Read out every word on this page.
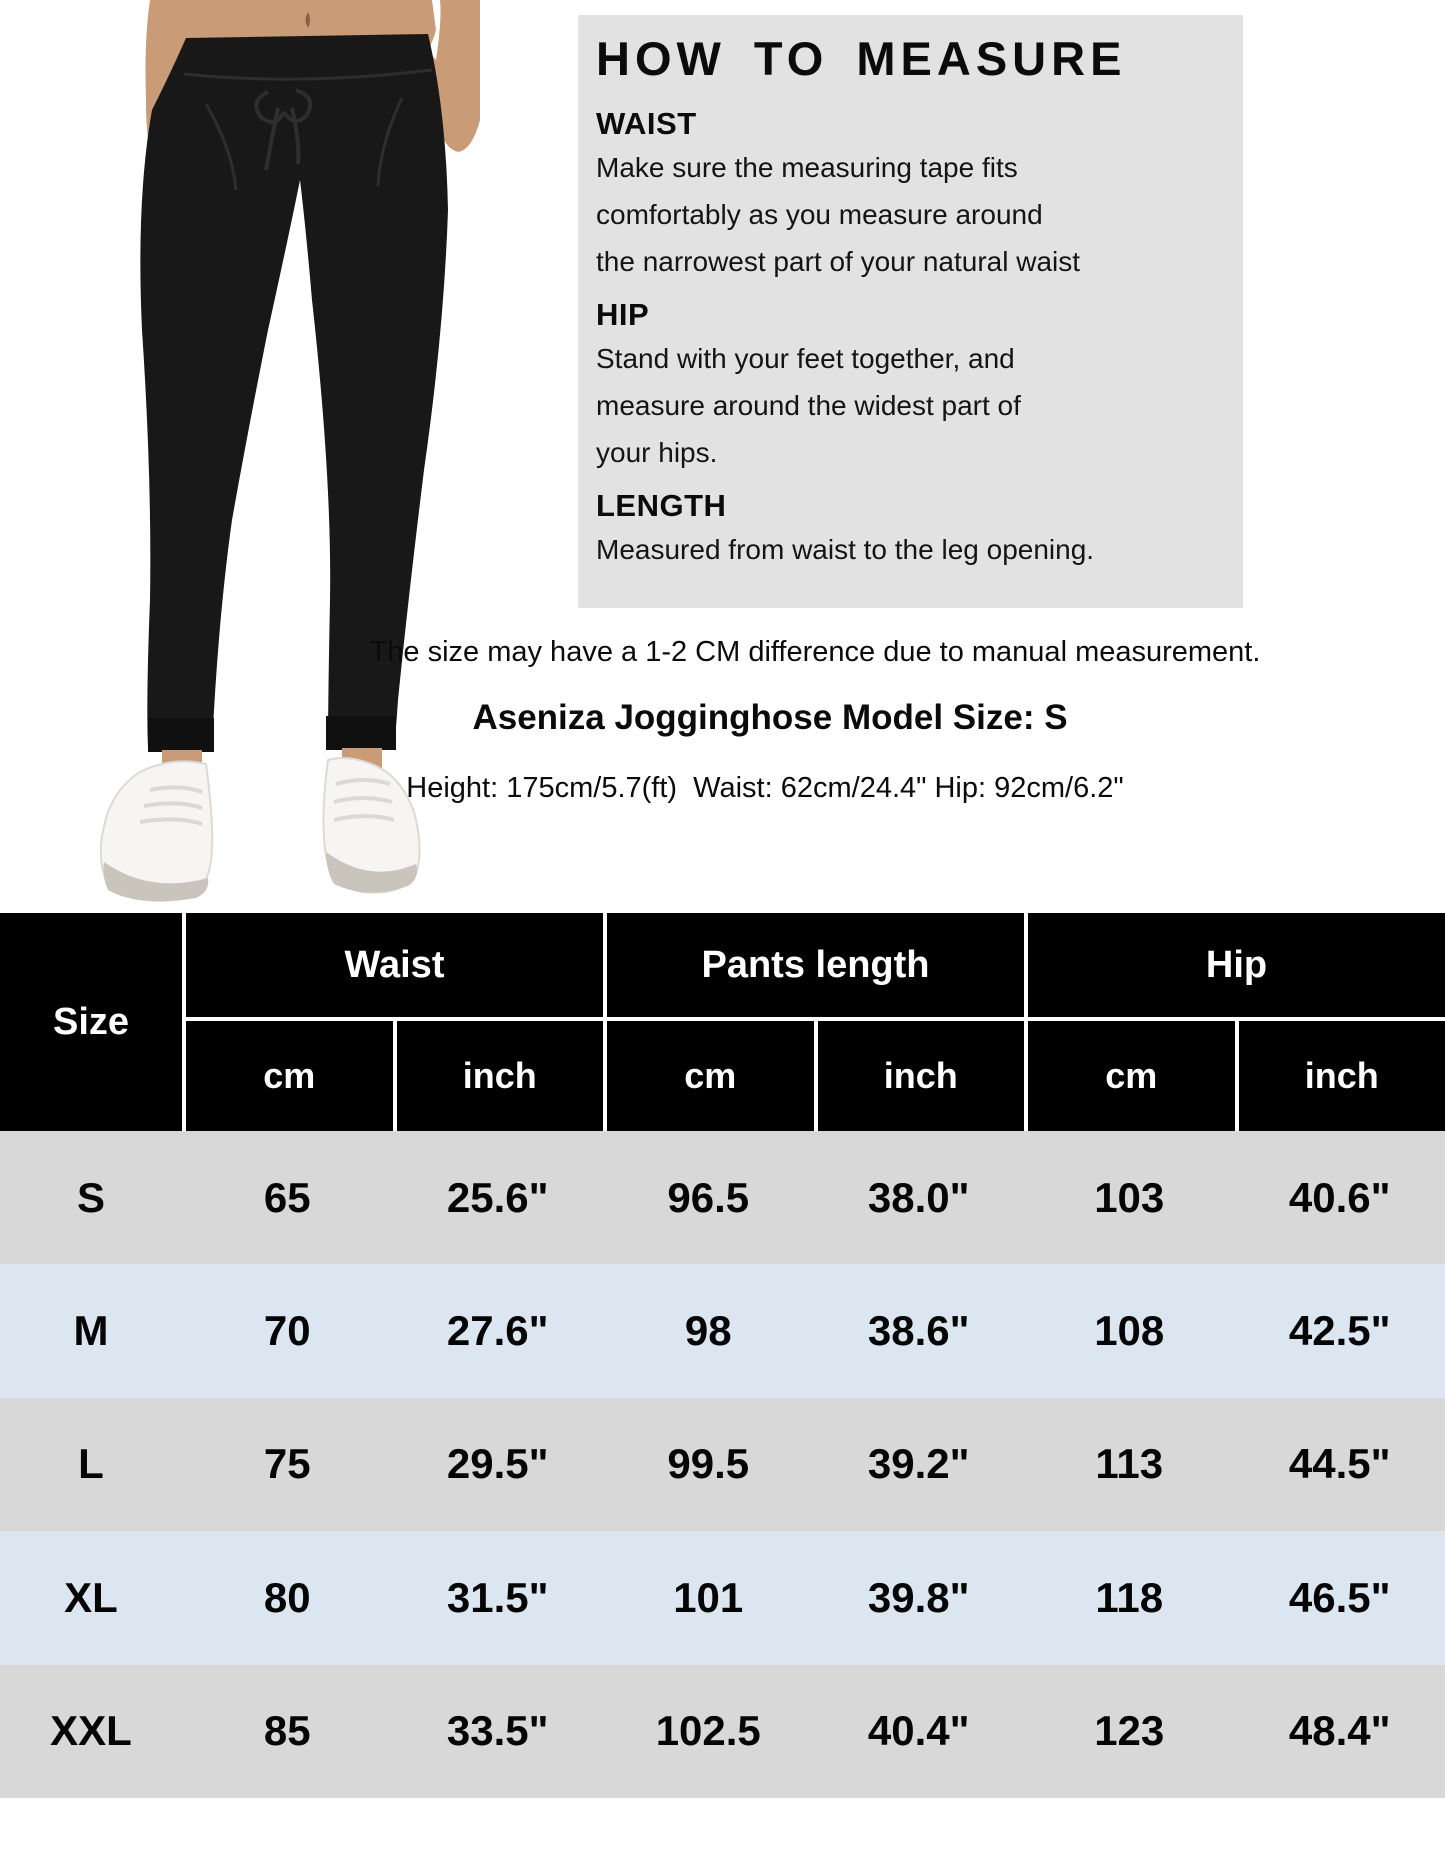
HOW TO MEASURE
WAIST
Make sure the measuring tape fits
comfortably as you measure around
the narrowest part of your natural waist
HIP
Stand with your feet together, and
measure around the widest part of
your hips.
LENGTH
Measured from waist to the leg opening.
The size may have a 1-2 CM difference due to manual measurement.
Aseniza Jogginghose Model Size: S
Height: 175cm/5.7(ft)  Waist: 62cm/24.4" Hip: 92cm/6.2"
Size
Waist	Pants length	Hip
cm	inch	cm	inch	cm	inch
S	65	25.6"	96.5	38.0"	103	40.6"
M	70	27.6"	98	38.6"	108	42.5"
L	75	29.5"	99.5	39.2"	113	44.5"
XL	80	31.5"	101	39.8"	118	46.5"
XXL	85	33.5"	102.5	40.4"	123	48.4"
